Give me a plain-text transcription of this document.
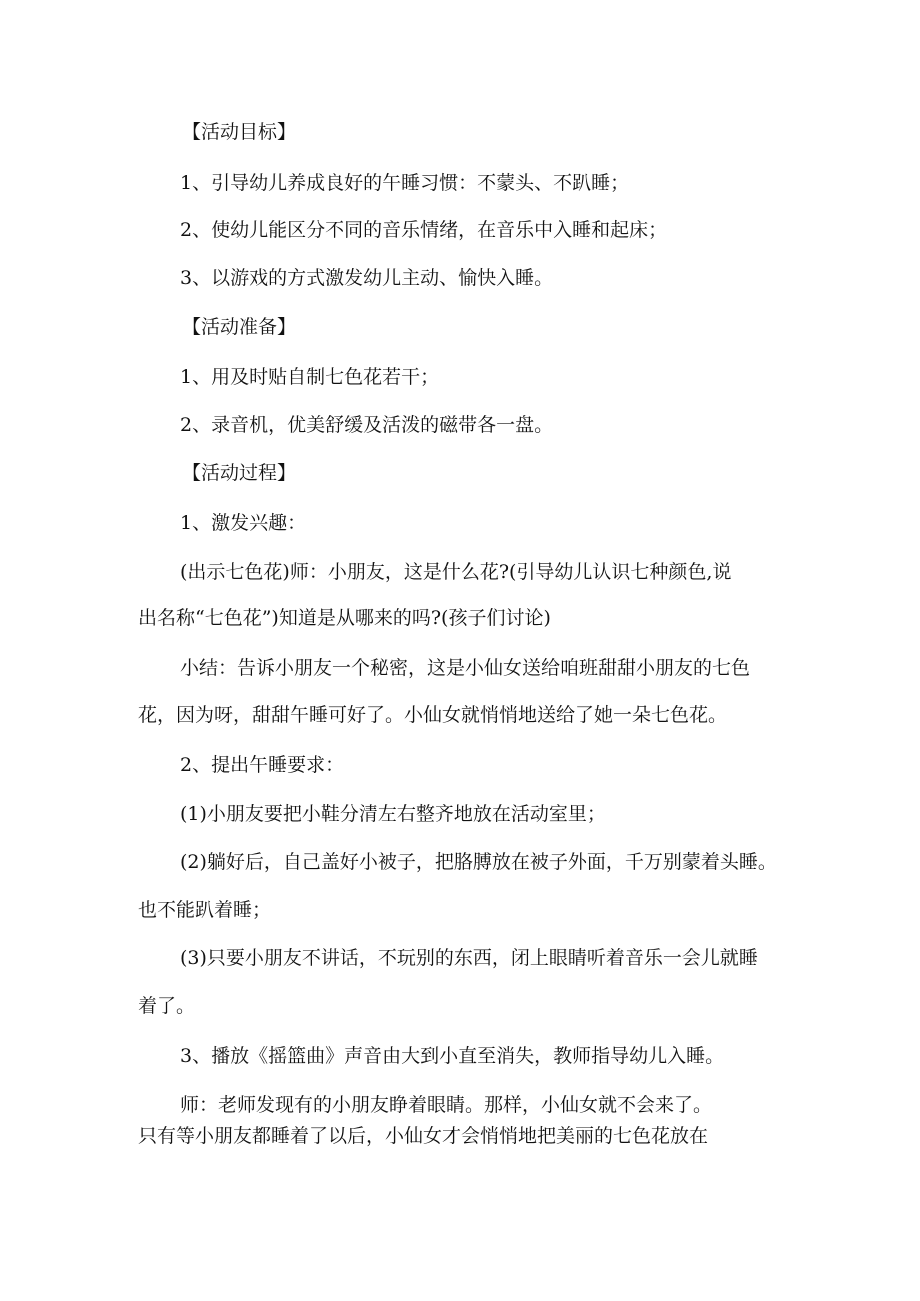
【活动目标】
1、引导幼儿养成良好的午睡习惯：不蒙头、不趴睡；
2、使幼儿能区分不同的音乐情绪，在音乐中入睡和起床；
3、以游戏的方式激发幼儿主动、愉快入睡。
【活动准备】
1、用及时贴自制七色花若干；
2、录音机，优美舒缓及活泼的磁带各一盘。
【活动过程】
1、激发兴趣：
(出示七色花)师：小朋友，这是什么花?(引导幼儿认识七种颜色,说
出名称“七色花”)知道是从哪来的吗?(孩子们讨论)
小结：告诉小朋友一个秘密，这是小仙女送给咱班甜甜小朋友的七色
花，因为呀，甜甜午睡可好了。小仙女就悄悄地送给了她一朵七色花。
2、提出午睡要求：
(1)小朋友要把小鞋分清左右整齐地放在活动室里；
(2)躺好后，自己盖好小被子，把胳膊放在被子外面，千万别蒙着头睡。
也不能趴着睡；
(3)只要小朋友不讲话，不玩别的东西，闭上眼睛听着音乐一会儿就睡
着了。
3、播放《摇篮曲》声音由大到小直至消失，教师指导幼儿入睡。
师：老师发现有的小朋友睁着眼睛。那样，小仙女就不会来了。
只有等小朋友都睡着了以后，小仙女才会悄悄地把美丽的七色花放在
